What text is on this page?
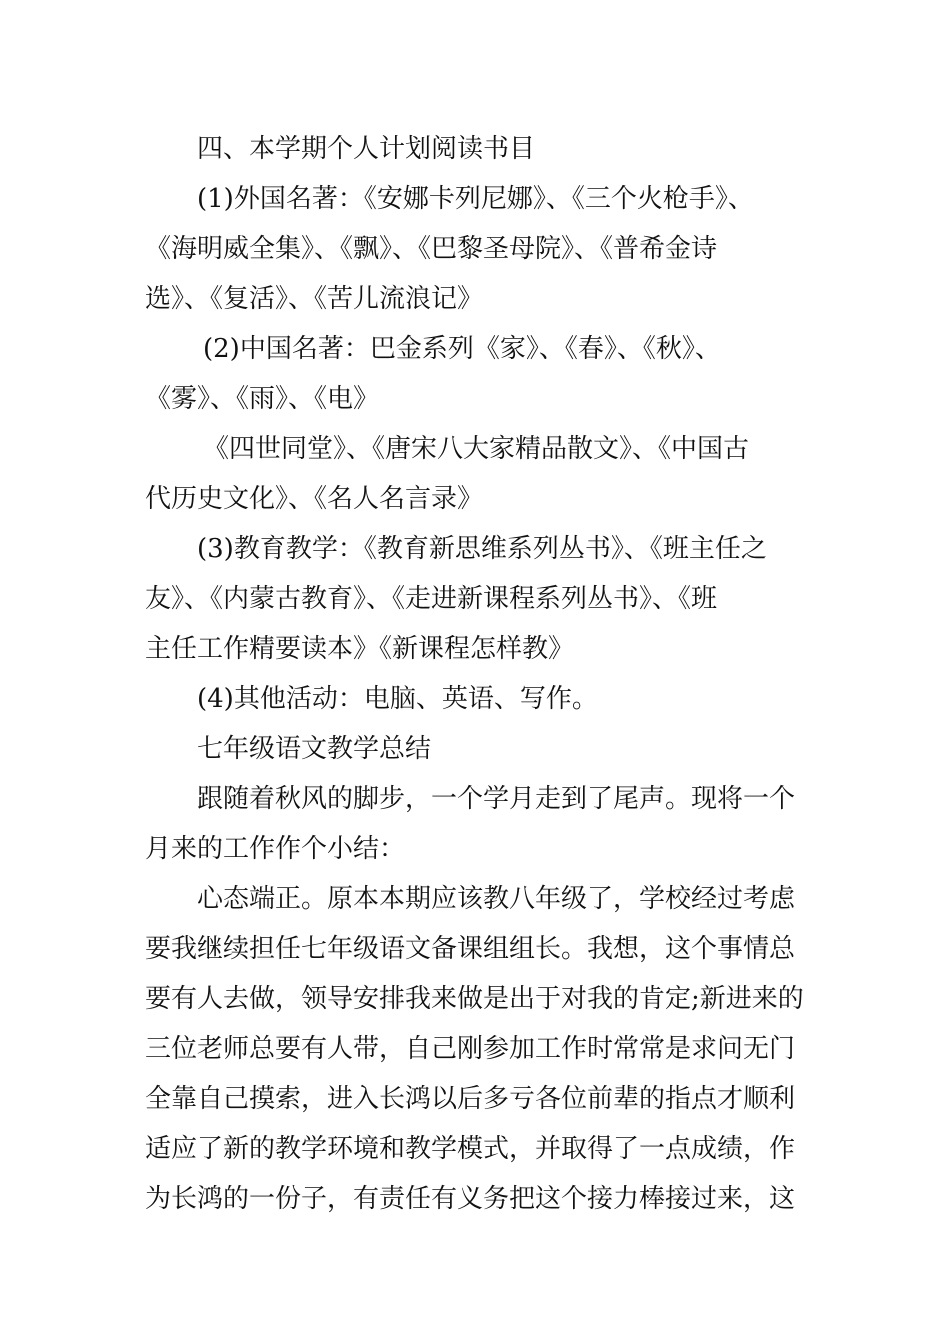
四、本学期个人计划阅读书目

(1)外国名著：《安娜卡列尼娜》、《三个火枪手》、

《海明威全集》、《飘》、《巴黎圣母院》、《普希金诗

选》、《复活》、《苦儿流浪记》

(2)中国名著：巴金系列《家》、《春》、《秋》、

《雾》、《雨》、《电》

《四世同堂》、《唐宋八大家精品散文》、《中国古

代历史文化》、《名人名言录》

(3)教育教学：《教育新思维系列丛书》、《班主任之

友》、《内蒙古教育》、《走进新课程系列丛书》、《班

主任工作精要读本》《新课程怎样教》

(4)其他活动：电脑、英语、写作。

七年级语文教学总结

跟随着秋风的脚步，一个学月走到了尾声。现将一个

月来的工作作个小结：

心态端正。原本本期应该教八年级了，学校经过考虑

要我继续担任七年级语文备课组组长。我想，这个事情总

要有人去做，领导安排我来做是出于对我的肯定;新进来的

三位老师总要有人带，自己刚参加工作时常常是求问无门

全靠自己摸索，进入长鸿以后多亏各位前辈的指点才顺利

适应了新的教学环境和教学模式，并取得了一点成绩，作

为长鸿的一份子，有责任有义务把这个接力棒接过来，这
